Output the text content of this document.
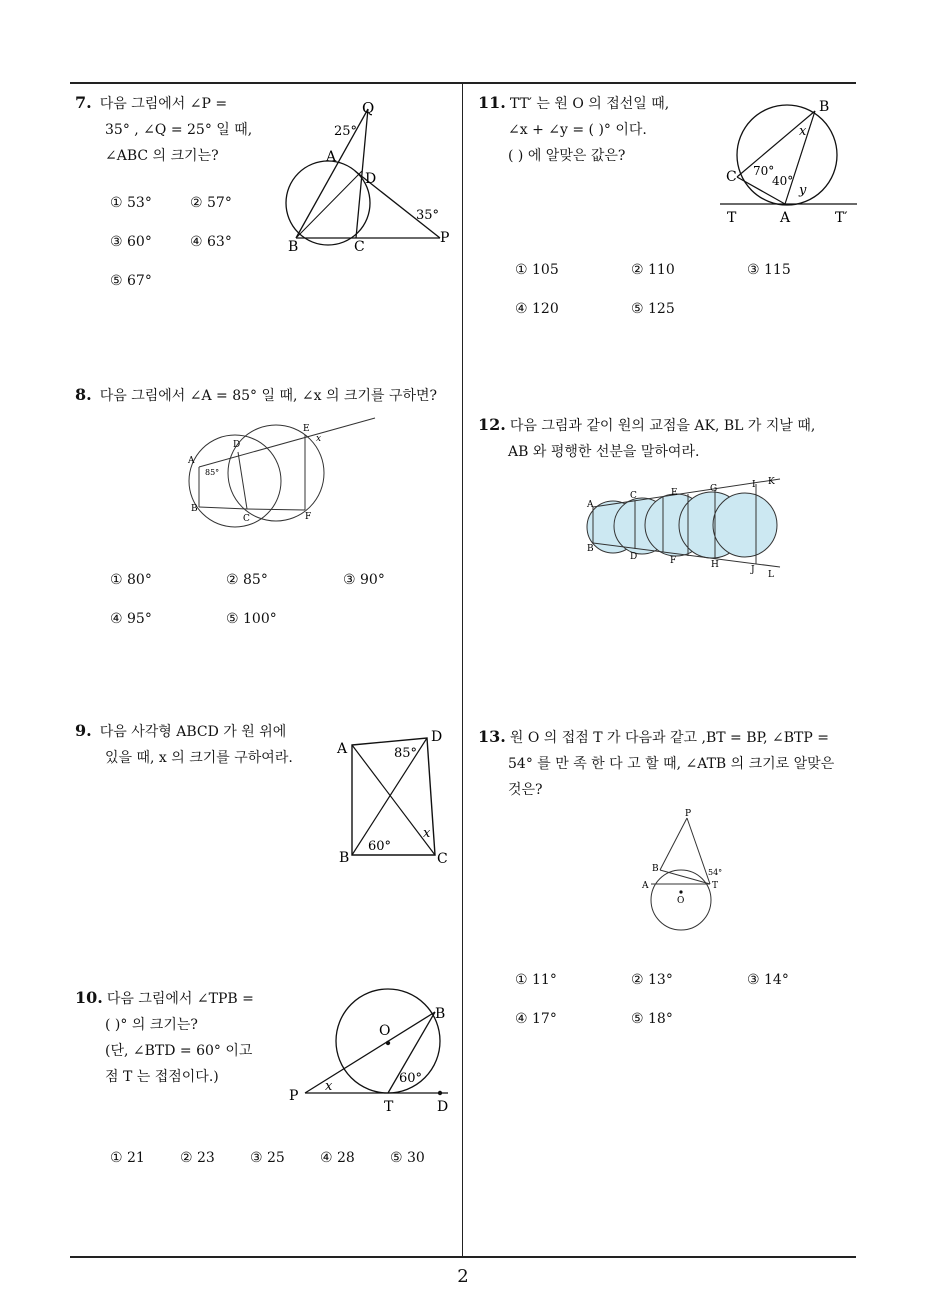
7. 다음 그림에서 ∠P =
35° , ∠Q = 25° 일 때,
∠ABC 의 크기는?
① 53°	② 57°
③ 60°	④ 63°
⑤ 67°
Q
25°
A
D
B	C
35°
P
8. 다음 그림에서 ∠A = 85° 일 때, ∠x 의 크기를 구하면?
A
85°
B
C
D
E
x
F
① 80°	② 85°	③ 90°
④ 95°	⑤ 100°
9. 다음 사각형 ABCD 가 원 위에
있을 때, x 의 크기를 구하여라.
A
D
85°
B	C
60°
x
10. 다음 그림에서 ∠TPB =
( )° 의 크기는?
(단, ∠BTD = 60° 이고
점 T 는 접점이다.)
O
B
P
x
60°
T	D
① 21	② 23	③ 25	④ 28	⑤ 30
11. TT′ 는 원 O 의 접선일 때,
∠x + ∠y = ( )° 이다.
( ) 에 알맞은 값은?
B
x
C 70°
40°
y
T	A	T′
① 105	② 110	③ 115
④ 120	⑤ 125
12. 다음 그림과 같이 원의 교점을 AK, BL 가 지날 때,
AB 와 평행한 선분을 말하여라.
A
B
C
D
E
F
G
H
I
J
K
L
13. 원 O 의 접점 T 가 다음과 같고 ,BT = BP, ∠BTP =
54° 를 만 족 한 다 고 할 때, ∠ATB 의 크기로 알맞은
것은?
P
B
A	T
54°
O
① 11°	② 13°	③ 14°
④ 17°	⑤ 18°
2
